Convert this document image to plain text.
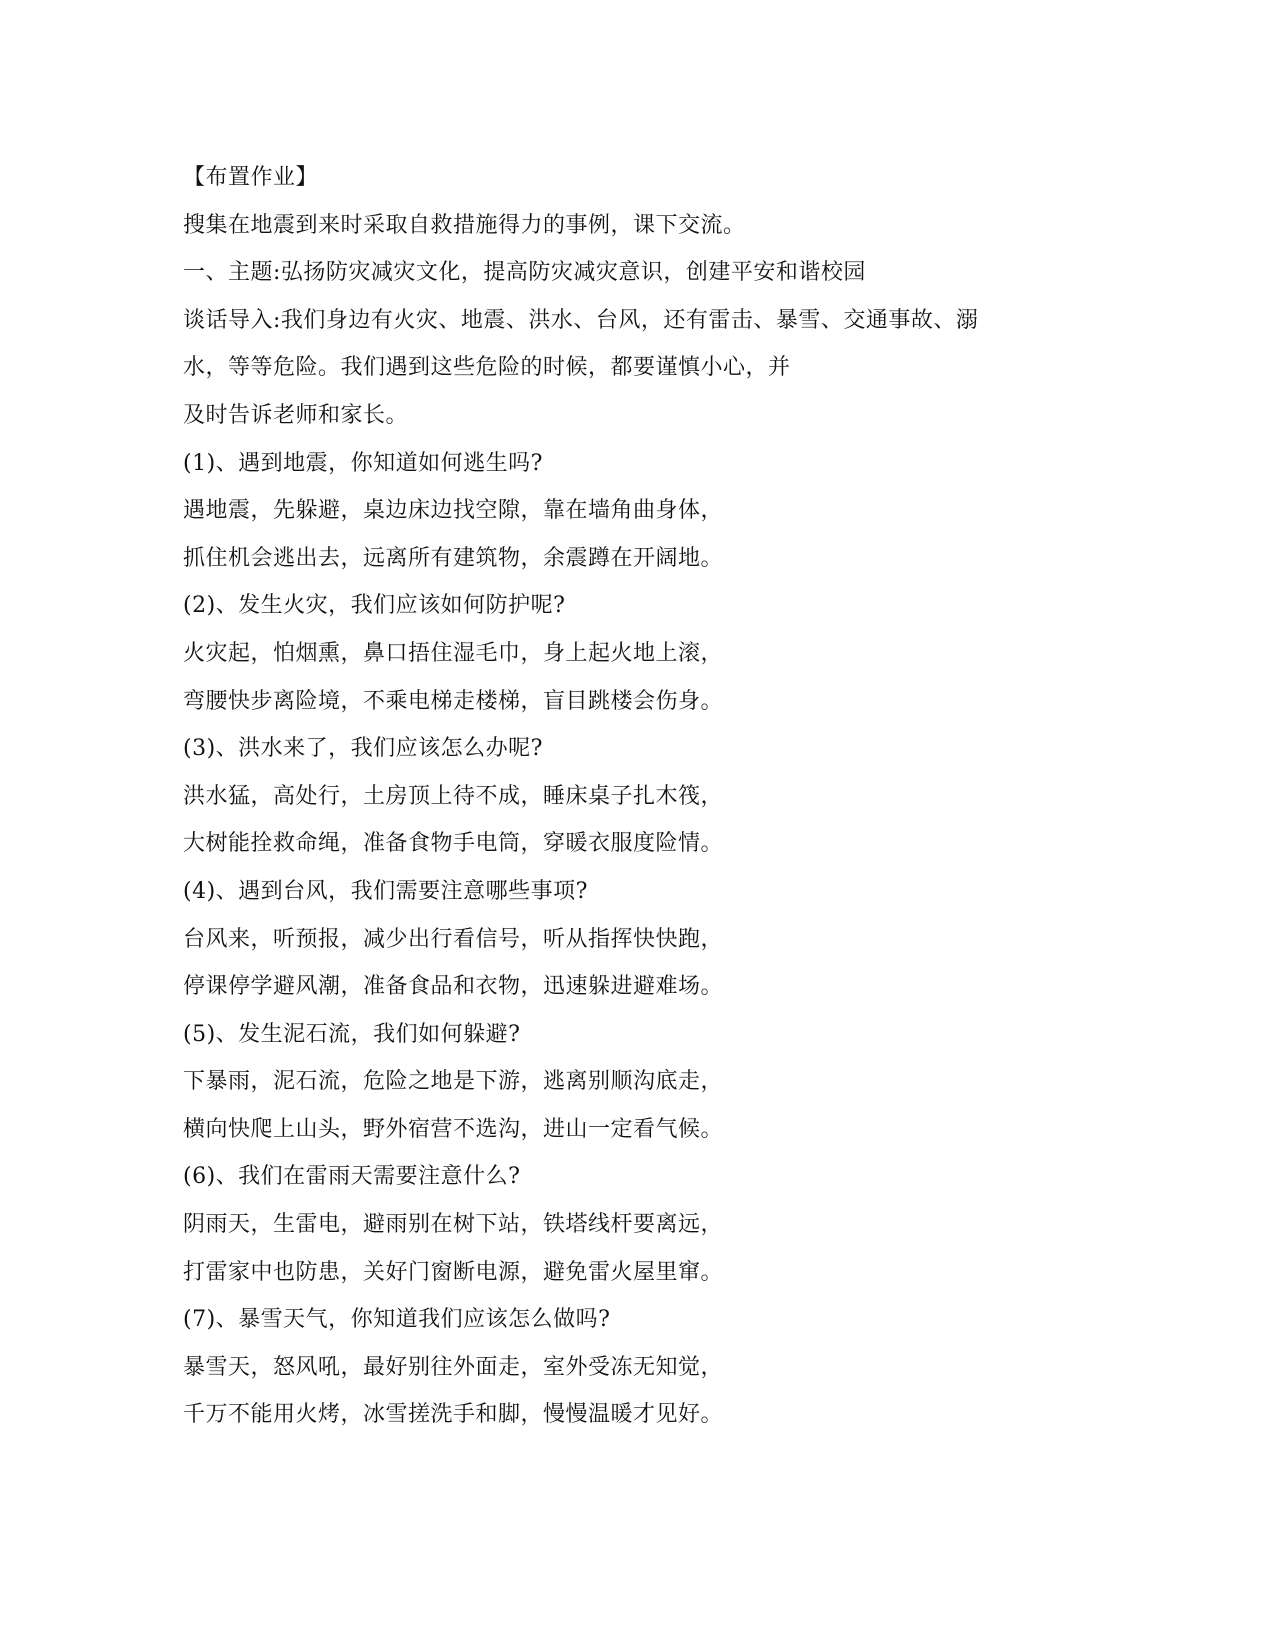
【布置作业】
搜集在地震到来时采取自救措施得力的事例，课下交流。
一、主题:弘扬防灾减灾文化，提高防灾减灾意识，创建平安和谐校园
谈话导入:我们身边有火灾、地震、洪水、台风，还有雷击、暴雪、交通事故、溺
水，等等危险。我们遇到这些危险的时候，都要谨慎小心，并
及时告诉老师和家长。
(1)、遇到地震，你知道如何逃生吗?
遇地震，先躲避，桌边床边找空隙，靠在墙角曲身体，
抓住机会逃出去，远离所有建筑物，余震蹲在开阔地。
(2)、发生火灾，我们应该如何防护呢?
火灾起，怕烟熏，鼻口捂住湿毛巾，身上起火地上滚，
弯腰快步离险境，不乘电梯走楼梯，盲目跳楼会伤身。
(3)、洪水来了，我们应该怎么办呢?
洪水猛，高处行，土房顶上待不成，睡床桌子扎木筏，
大树能拴救命绳，准备食物手电筒，穿暖衣服度险情。
(4)、遇到台风，我们需要注意哪些事项?
台风来，听预报，减少出行看信号，听从指挥快快跑，
停课停学避风潮，准备食品和衣物，迅速躲进避难场。
(5)、发生泥石流，我们如何躲避?
下暴雨，泥石流，危险之地是下游，逃离别顺沟底走，
横向快爬上山头，野外宿营不选沟，进山一定看气候。
(6)、我们在雷雨天需要注意什么?
阴雨天，生雷电，避雨别在树下站，铁塔线杆要离远，
打雷家中也防患，关好门窗断电源，避免雷火屋里窜。
(7)、暴雪天气，你知道我们应该怎么做吗?
暴雪天，怒风吼，最好别往外面走，室外受冻无知觉，
千万不能用火烤，冰雪搓洗手和脚，慢慢温暖才见好。
